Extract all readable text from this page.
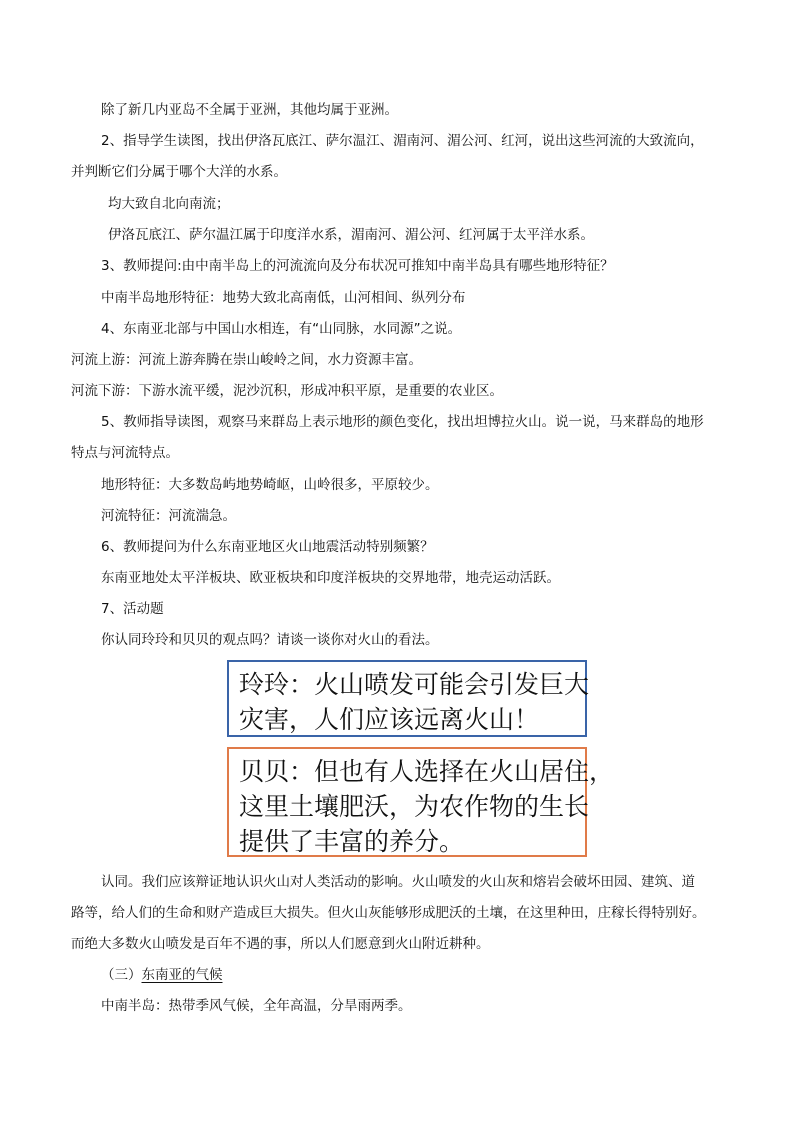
除了新几内亚岛不全属于亚洲，其他均属于亚洲。
2、指导学生读图，找出伊洛瓦底江、萨尔温江、湄南河、湄公河、红河，说出这些河流的大致流向，
并判断它们分属于哪个大洋的水系。
均大致自北向南流；
伊洛瓦底江、萨尔温江属于印度洋水系，湄南河、湄公河、红河属于太平洋水系。
3、教师提问:由中南半岛上的河流流向及分布状况可推知中南半岛具有哪些地形特征？
中南半岛地形特征：地势大致北高南低，山河相间、纵列分布
4、东南亚北部与中国山水相连，有“山同脉，水同源”之说。
河流上游：河流上游奔腾在崇山峻岭之间，水力资源丰富。
河流下游：下游水流平缓，泥沙沉积，形成冲积平原，是重要的农业区。
5、教师指导读图，观察马来群岛上表示地形的颜色变化，找出坦博拉火山。说一说，马来群岛的地形
特点与河流特点。
地形特征：大多数岛屿地势崎岖，山岭很多，平原较少。
河流特征：河流湍急。
6、教师提问为什么东南亚地区火山地震活动特别频繁？
东南亚地处太平洋板块、欧亚板块和印度洋板块的交界地带，地壳运动活跃。
7、活动题
你认同玲玲和贝贝的观点吗？请谈一谈你对火山的看法。
玲玲：火山喷发可能会引发巨大
灾害，人们应该远离火山！
贝贝：但也有人选择在火山居住，
这里土壤肥沃，为农作物的生长
提供了丰富的养分。
认同。我们应该辩证地认识火山对人类活动的影响。火山喷发的火山灰和熔岩会破坏田园、建筑、道
路等，给人们的生命和财产造成巨大损失。但火山灰能够形成肥沃的土壤，在这里种田，庄稼长得特别好。
而绝大多数火山喷发是百年不遇的事，所以人们愿意到火山附近耕种。
（三）东南亚的气候
中南半岛：热带季风气候，全年高温，分旱雨两季。
